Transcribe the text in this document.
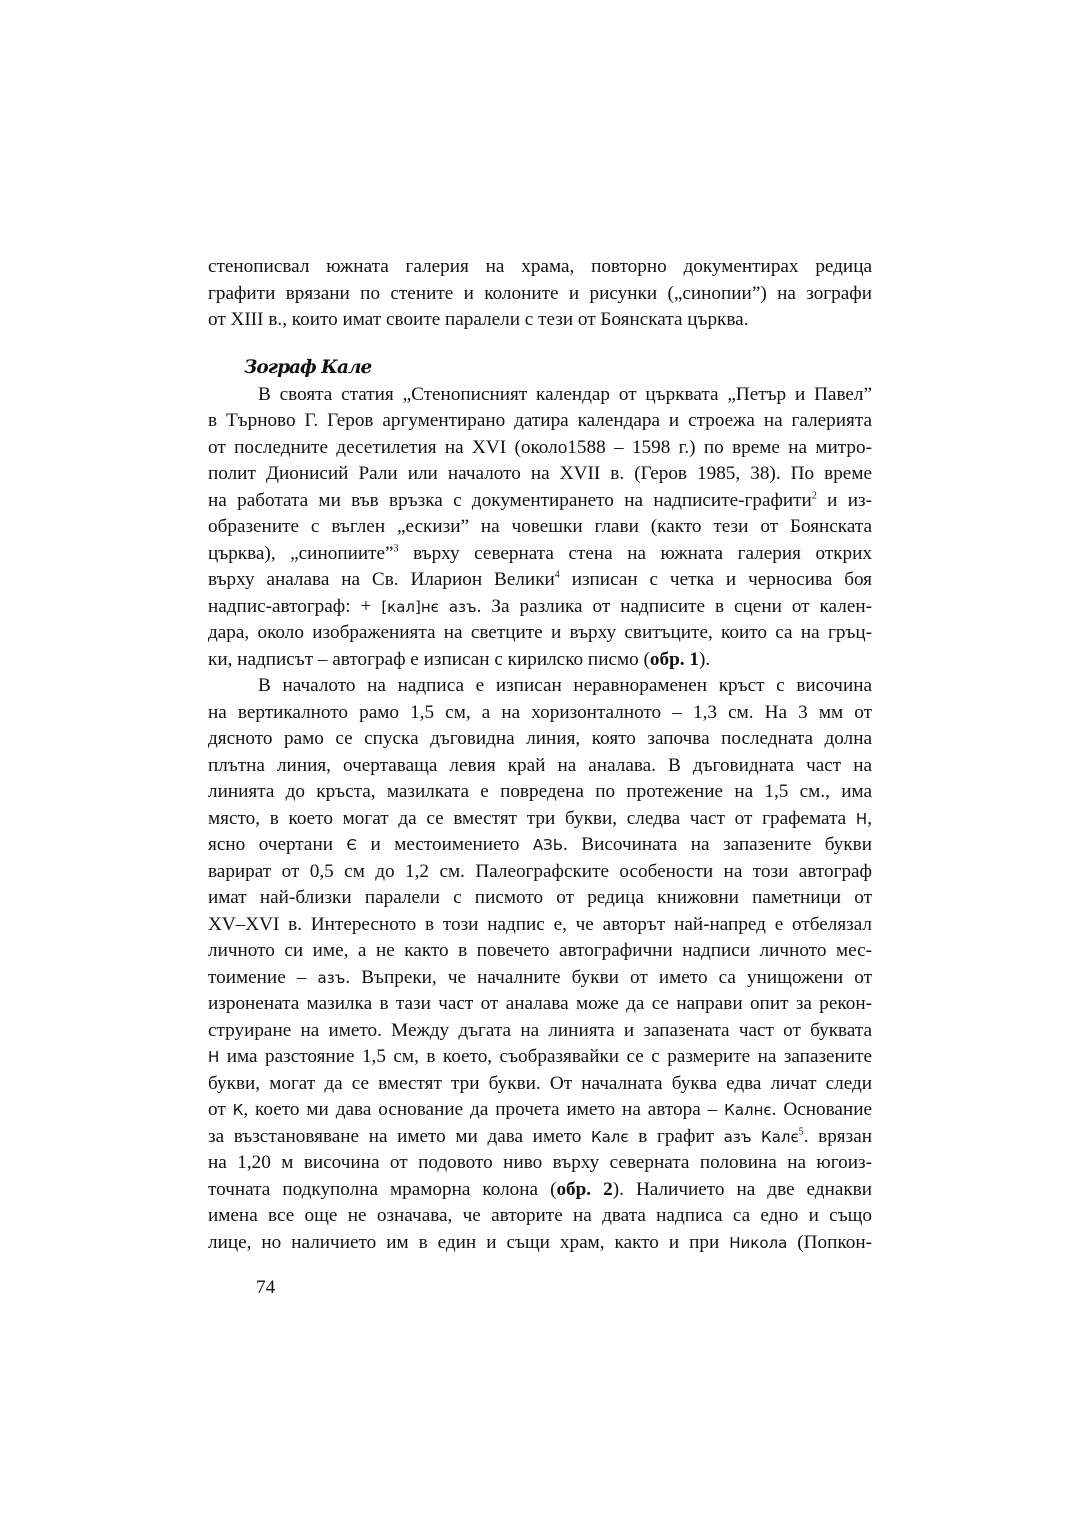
стенописвал южната галерия на храма, повторно документирах редица
графити врязани по стените и колоните и рисунки („синопии”) на зографи
от XIII в., които имат своите паралели с тези от Боянската църква.
Зограф Кале
В своята статия „Стенописният календар от църквата „Петър и Павел”
в Търново Г. Геров аргументирано датира календара и строежа на галерията
от последните десетилетия на XVI (около1588 – 1598 г.) по време на митро-
полит Дионисий Рали или началото на XVII в. (Геров 1985, 38). По време
на работата ми във връзка с документирането на надписите-графити$^2$ и из-
образените с въглен „ескизи” на човешки глави (както тези от Боянската
църква), „синопиите”$^3$ върху северната стена на южната галерия открих
върху аналава на Св. Иларион Велики$^4$ изписан с четка и черносива боя
надпис-автограф: + [кал]нє азъ. За разлика от надписите в сцени от кален-
дара, около изображенията на светците и върху свитъците, които са на гръц-
ки, надписът – автограф е изписан с кирилско писмо (обр. 1).
В началото на надписа е изписан неравнораменен кръст с височина
на вертикалното рамо 1,5 см, а на хоризонталното – 1,3 см. На 3 мм от
дясното рамо се спуска дъговидна линия, която започва последната долна
плътна линия, очертаваща левия край на аналава. В дъговидната част на
линията до кръста, мазилката е повредена по протежение на 1,5 см., има
място, в което могат да се вместят три букви, следва част от графемата Н,
ясно очертани Є и местоимението АЗЬ. Височината на запазените букви
варират от 0,5 см до 1,2 см. Палеографските особености на този автограф
имат най-близки паралели с писмото от редица книжовни паметници от
XV–XVI в. Интересното в този надпис е, че авторът най-напред е отбелязал
личното си име, а не както в повечето автографични надписи личното мес-
тоимение – азъ. Въпреки, че началните букви от името са унищожени от
изронената мазилка в тази част от аналава може да се направи опит за рекон-
струиране на името. Между дъгата на линията и запазената част от буквата
Н има разстояние 1,5 см, в което, съобразявайки се с размерите на запазените
букви, могат да се вместят три букви. От началната буква едва личат следи
от К, което ми дава основание да прочета името на автора – Калнє. Основание
за възстановяване на името ми дава името Калє в графит азъ Калє$^5$. врязан
на 1,20 м височина от подовото ниво върху северната половина на югоиз-
точната подкуполна мраморна колона (обр. 2). Наличието на две еднакви
имена все още не означава, че авторите на двата надписа са едно и също
лице, но наличието им в един и същи храм, както и при Никола (Попкон-
74
